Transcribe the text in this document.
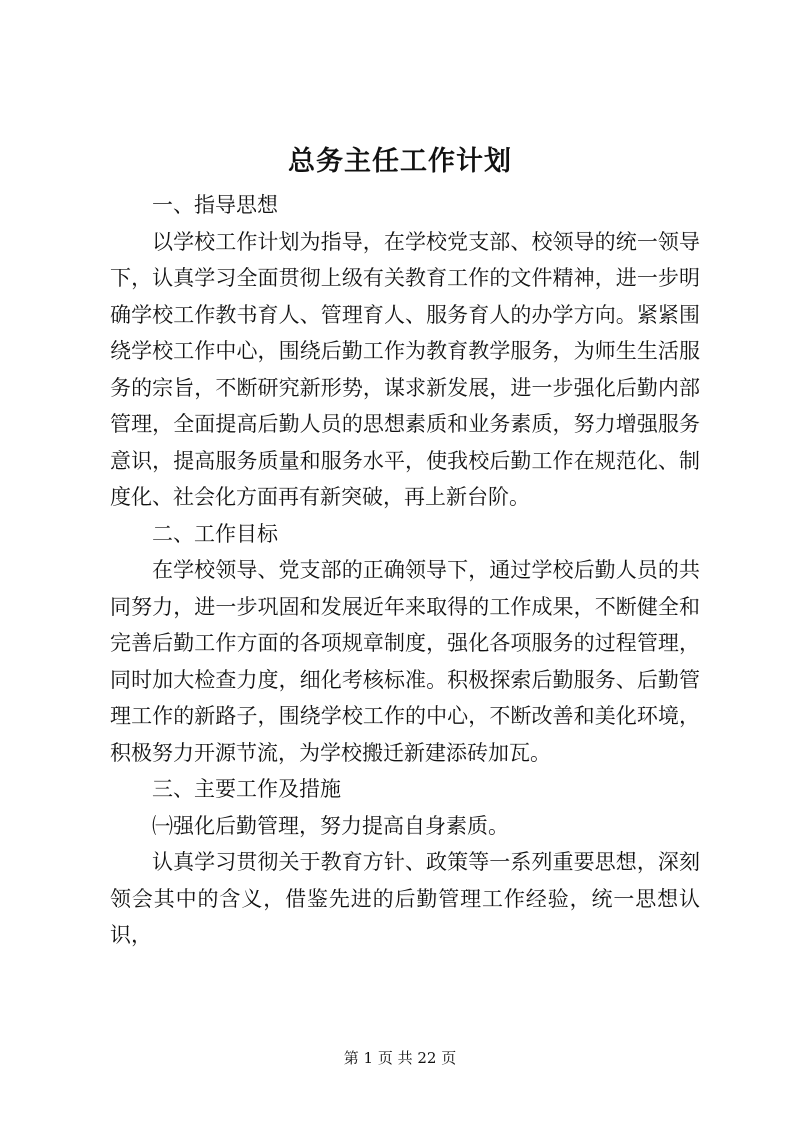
总务主任工作计划

一、指导思想

以学校工作计划为指导，在学校党支部、校领导的统一领导下，认真学习全面贯彻上级有关教育工作的文件精神，进一步明确学校工作教书育人、管理育人、服务育人的办学方向。紧紧围绕学校工作中心，围绕后勤工作为教育教学服务，为师生生活服务的宗旨，不断研究新形势，谋求新发展，进一步强化后勤内部管理，全面提高后勤人员的思想素质和业务素质，努力增强服务意识，提高服务质量和服务水平，使我校后勤工作在规范化、制度化、社会化方面再有新突破，再上新台阶。

二、工作目标

在学校领导、党支部的正确领导下，通过学校后勤人员的共同努力，进一步巩固和发展近年来取得的工作成果，不断健全和完善后勤工作方面的各项规章制度，强化各项服务的过程管理，同时加大检查力度，细化考核标准。积极探索后勤服务、后勤管理工作的新路子，围绕学校工作的中心，不断改善和美化环境，积极努力开源节流，为学校搬迁新建添砖加瓦。

三、主要工作及措施

㈠强化后勤管理，努力提高自身素质。

认真学习贯彻关于教育方针、政策等一系列重要思想，深刻领会其中的含义，借鉴先进的后勤管理工作经验，统一思想认识，

第 1 页 共 22 页
